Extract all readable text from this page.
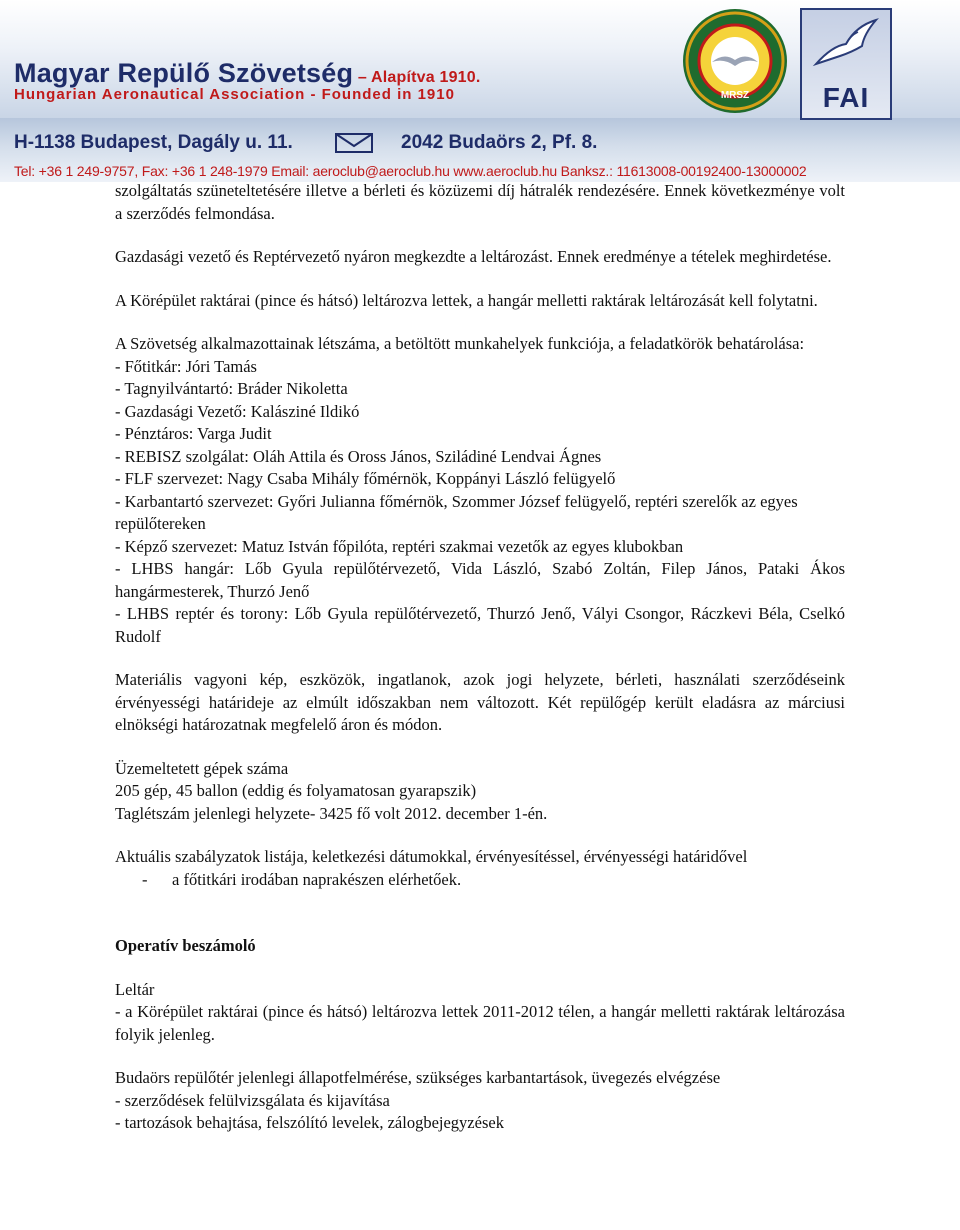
Magyar Repülő Szövetség – Alapítva 1910.
Hungarian Aeronautical Association - Founded in 1910	MRSZ	FAI
H-1138 Budapest, Dagály u. 11.	2042 Budaörs 2, Pf. 8.
Tel: +36 1 249-9757, Fax: +36 1 248-1979 Email: aeroclub@aeroclub.hu www.aeroclub.hu Banksz.: 11613008-00192400-13000002

szolgáltatás szüneteltetésére illetve a bérleti és közüzemi díj hátralék rendezésére. Ennek következménye volt a szerződés felmondása.

Gazdasági vezető és Reptérvezető nyáron megkezdte a leltározást. Ennek eredménye a tételek meghirdetése.

A Körépület raktárai (pince és hátsó) leltározva lettek, a hangár melletti raktárak leltározását kell folytatni.

A Szövetség alkalmazottainak létszáma, a betöltött munkahelyek funkciója, a feladatkörök behatárolása:

- Főtitkár: Jóri Tamás

- Tagnyilvántartó: Bráder Nikoletta

- Gazdasági Vezető: Kalásziné Ildikó

- Pénztáros: Varga Judit

- REBISZ szolgálat: Oláh Attila és Oross János, Sziládiné Lendvai Ágnes

- FLF szervezet: Nagy Csaba Mihály főmérnök, Koppányi László felügyelő

- Karbantartó szervezet: Győri Julianna főmérnök, Szommer József felügyelő, reptéri szerelők az egyes repülőtereken

- Képző szervezet: Matuz István főpilóta, reptéri szakmai vezetők az egyes klubokban

- LHBS hangár: Lőb Gyula repülőtérvezető, Vida László, Szabó Zoltán, Filep János, Pataki Ákos hangármesterek, Thurzó Jenő

- LHBS reptér és torony: Lőb Gyula repülőtérvezető, Thurzó Jenő, Vályi Csongor, Ráczkevi Béla, Cselkó Rudolf

Materiális vagyoni kép, eszközök, ingatlanok, azok jogi helyzete, bérleti, használati szerződéseink érvényességi határideje az elmúlt időszakban nem változott. Két repülőgép került eladásra az márciusi elnökségi határozatnak megfelelő áron és módon.

Üzemeltetett gépek száma

205 gép, 45 ballon (eddig és folyamatosan gyarapszik)

Taglétszám jelenlegi helyzete- 3425 fő volt 2012. december 1-én.

Aktuális szabályzatok listája, keletkezési dátumokkal, érvényesítéssel, érvényességi határidővel

- a főtitkári irodában naprakészen elérhetőek.

Operatív beszámoló

Leltár

- a Körépület raktárai (pince és hátsó) leltározva lettek 2011-2012 télen, a hangár melletti raktárak leltározása folyik jelenleg.

Budaörs repülőtér jelenlegi állapotfelmérése, szükséges karbantartások, üvegezés elvégzése

- szerződések felülvizsgálata és kijavítása

- tartozások behajtása, felszólító levelek, zálogbejegyzések
